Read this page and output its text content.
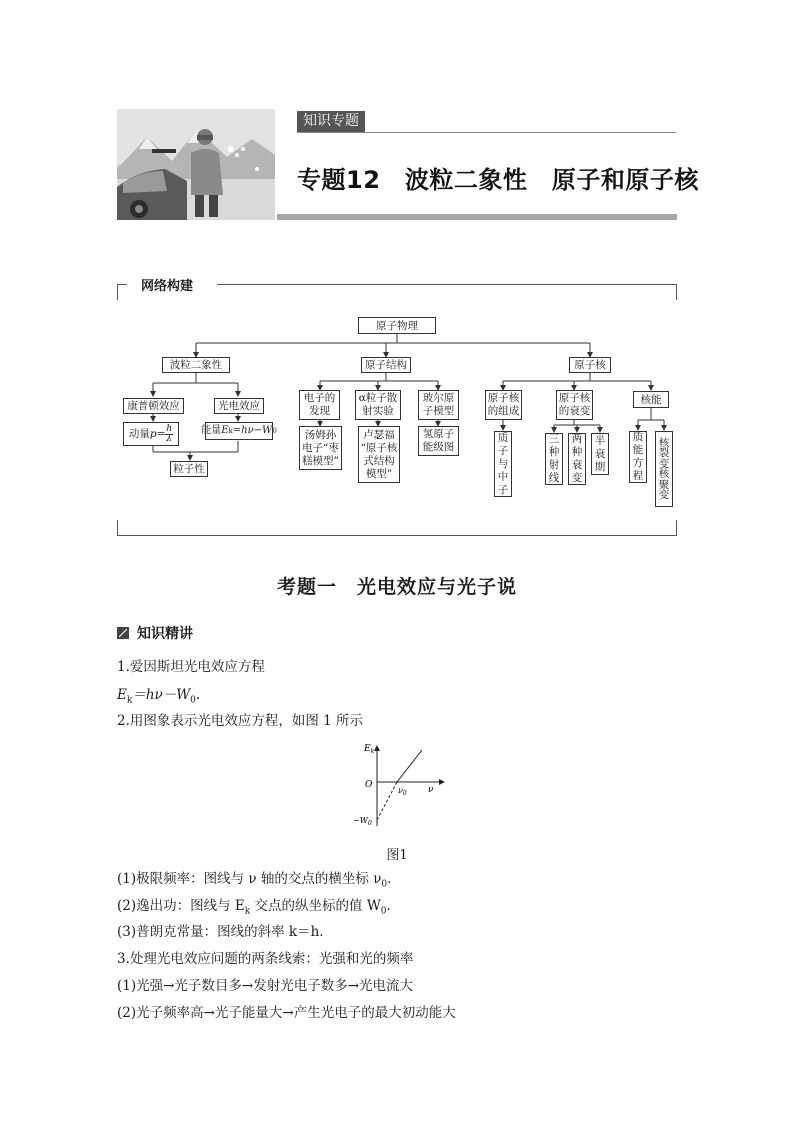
知识专题
专题12　波粒二象性　原子和原子核
网络构建
原子物理
波粒二象性	原子结构	原子核
康普顿效应	光电效应
动量 $p = \frac{h}{\lambda}$	能量 E k =hν−W 0
粒子性
电子的
发现
α粒子散
射实验
玻尔原
子模型
汤姆孙
电子“枣
糕模型”
卢瑟福
“原子核
式结构
模型”
氢原子
能级图
原子核
的组成
原子核
的衰变
核能
质
子
与
中
子
三
种
射
线
两
种
衰
变
半
衰
期
质
能
方
程
核
裂
变
核
聚
变
考题一　光电效应与光子说
知识精讲
1.爱因斯坦光电效应方程
$E_k=h\nu-W_0$.
2.用图象表示光电效应方程，如图 1 所示
$E_k$
O
$\nu_0$ ν
$-W_0$
图1
(1)极限频率：图线与 ν 轴的交点的横坐标 $\nu_0$.
(2)逸出功：图线与 $E_k$ 交点的纵坐标的值 $W_0$.
(3)普朗克常量：图线的斜率 k＝h.
3.处理光电效应问题的两条线索：光强和光的频率
(1)光强→光子数目多→发射光电子数多→光电流大
(2)光子频率高→光子能量大→产生光电子的最大初动能大
